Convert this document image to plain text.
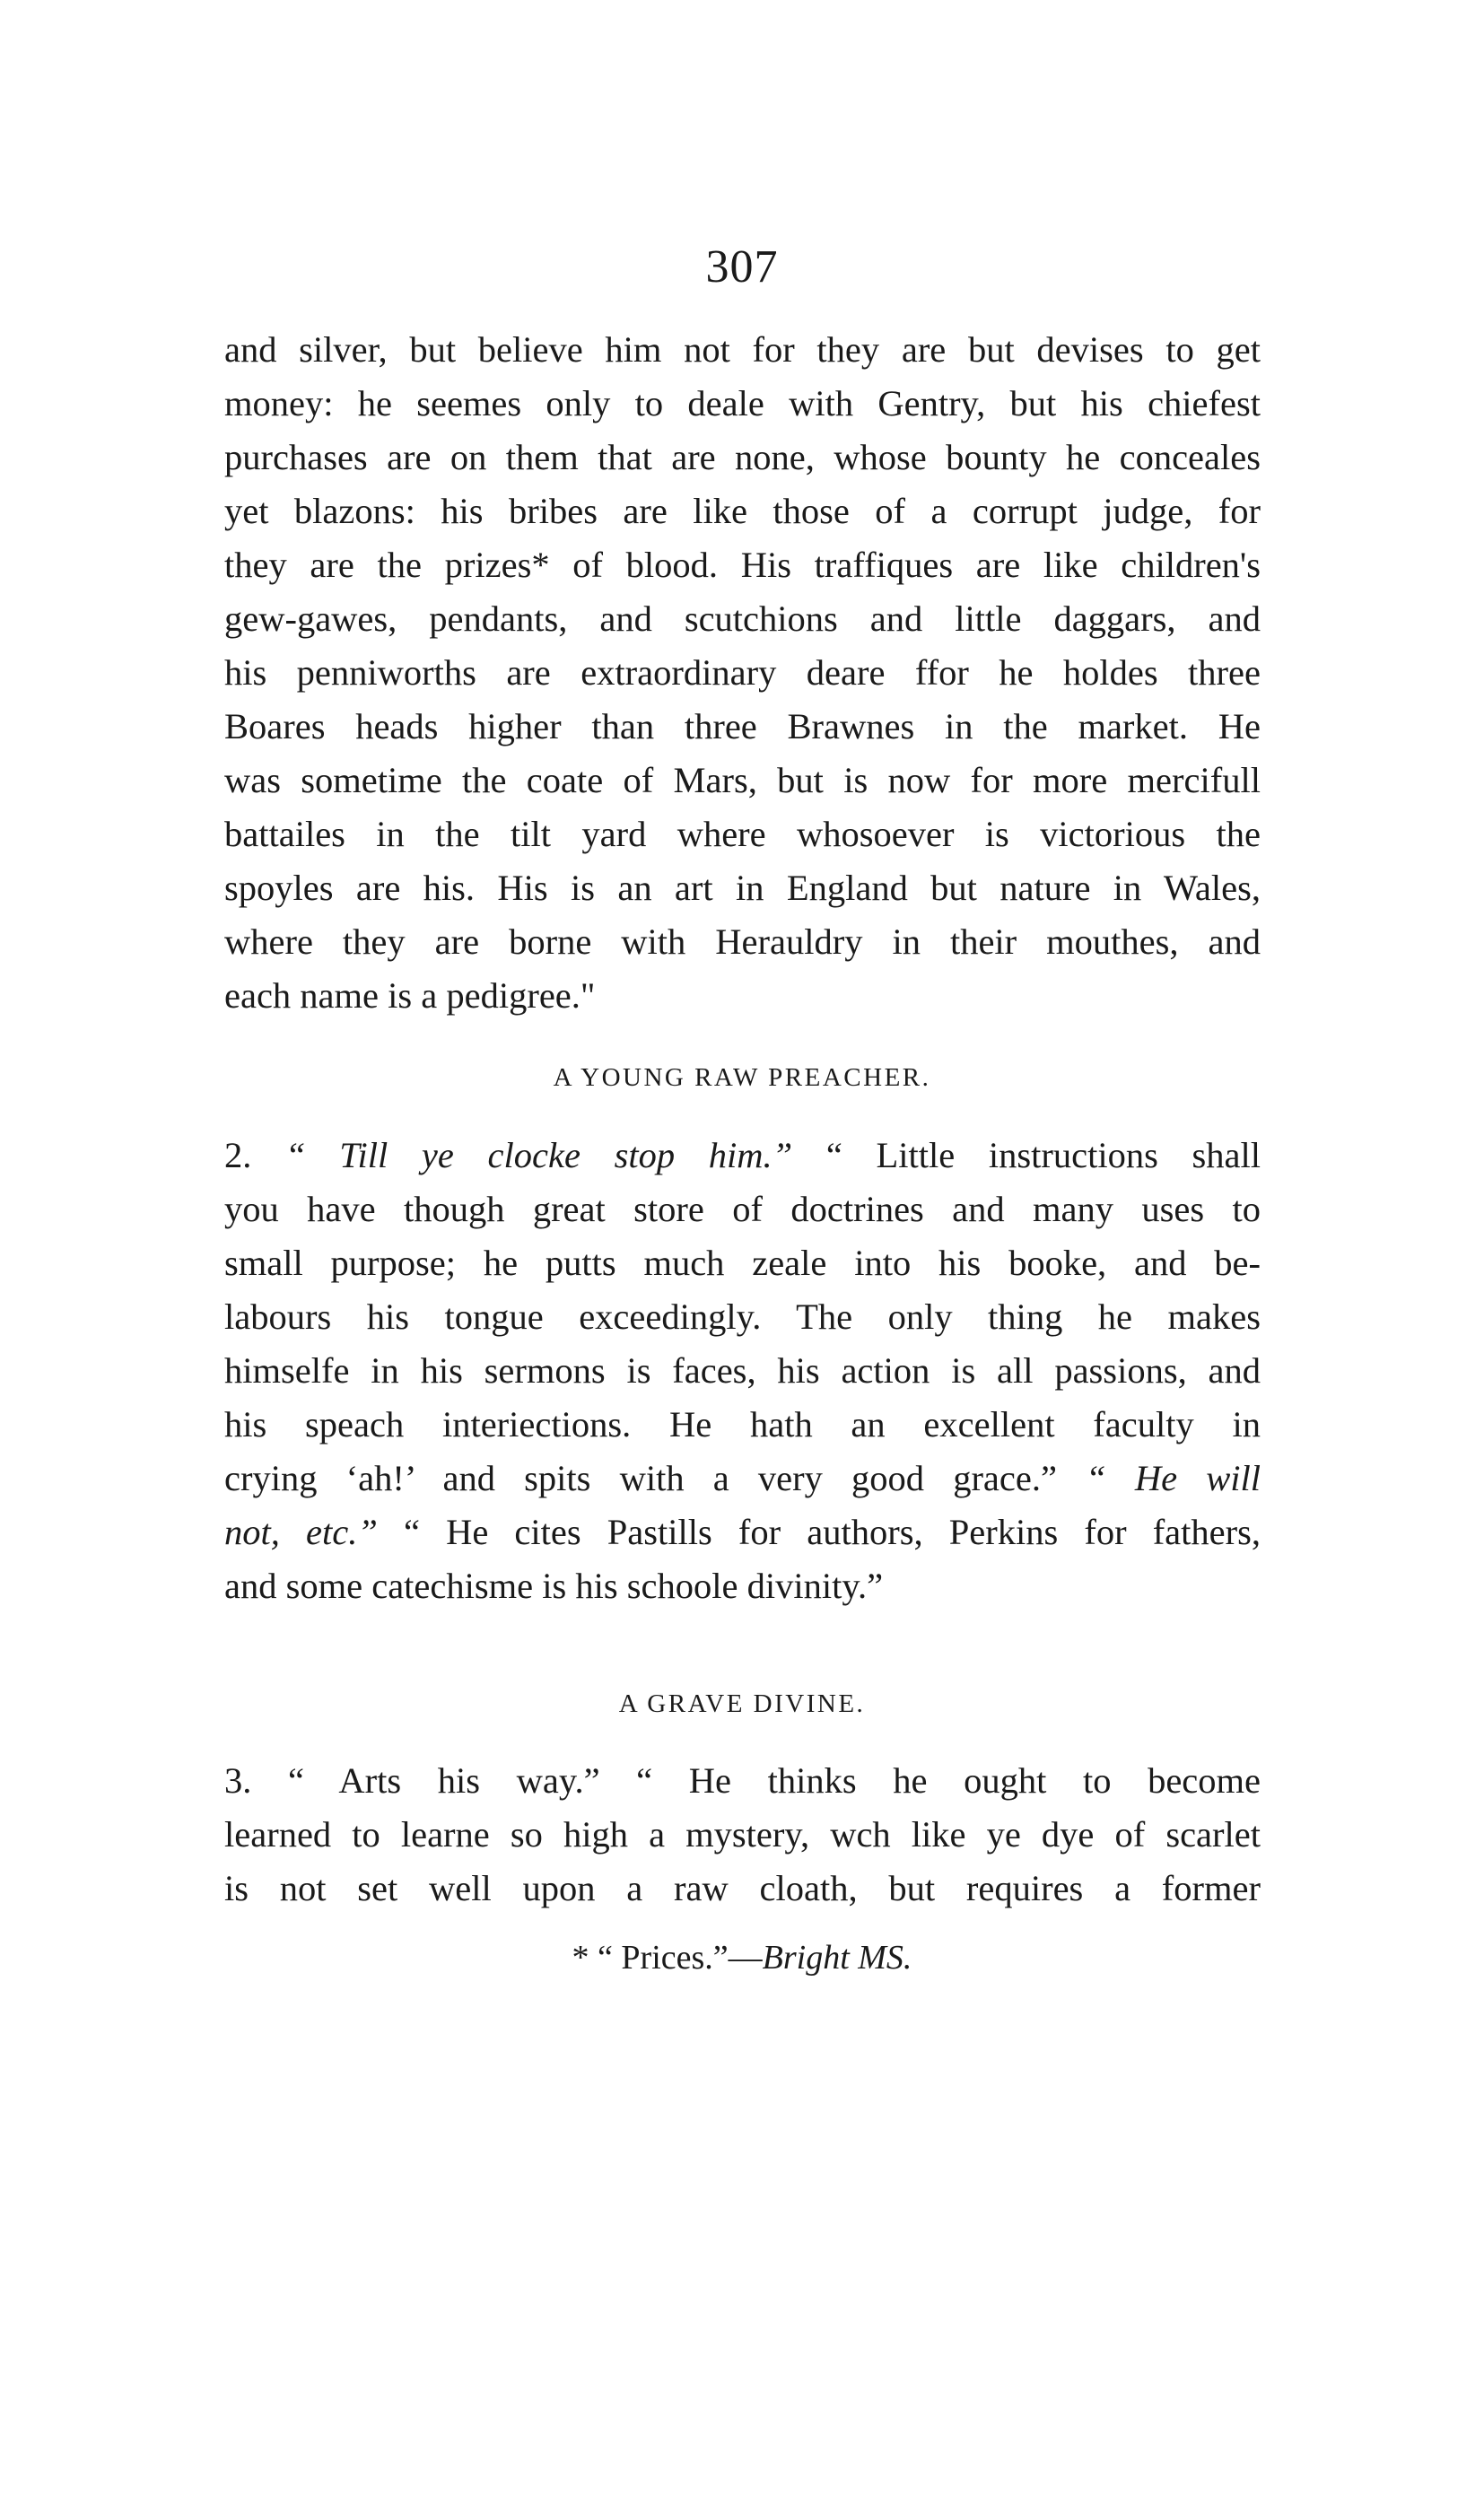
307
and silver, but believe him not for they are but devises to get
money: he seemes only to deale with Gentry, but his chiefest
purchases are on them that are none, whose bounty he conceales
yet blazons: his bribes are like those of a corrupt judge, for
they are the prizes* of blood. His traffiques are like children's
gew-gawes, pendants, and scutchions and little daggars, and
his penniworths are extraordinary deare ffor he holdes three
Boares heads higher than three Brawnes in the market. He
was sometime the coate of Mars, but is now for more mercifull
battailes in the tilt yard where whosoever is victorious the
spoyles are his. His is an art in England but nature in Wales,
where they are borne with Herauldry in their mouthes, and
each name is a pedigree."
A YOUNG RAW PREACHER.
2. “ Till ye clocke stop him.” “ Little instructions shall
you have though great store of doctrines and many uses to
small purpose; he putts much zeale into his booke, and be-
labours his tongue exceedingly. The only thing he makes
himselfe in his sermons is faces, his action is all passions, and
his speach interiections. He hath an excellent faculty in
crying ‘ah!’ and spits with a very good grace.” “ He will
not, etc.” “ He cites Pastills for authors, Perkins for fathers,
and some catechisme is his schoole divinity.”
A GRAVE DIVINE.
3. “ Arts his way.” “ He thinks he ought to become
learned to learne so high a mystery, wch like ye dye of scarlet
is not set well upon a raw cloath, but requires a former
* “ Prices.”—Bright MS.
